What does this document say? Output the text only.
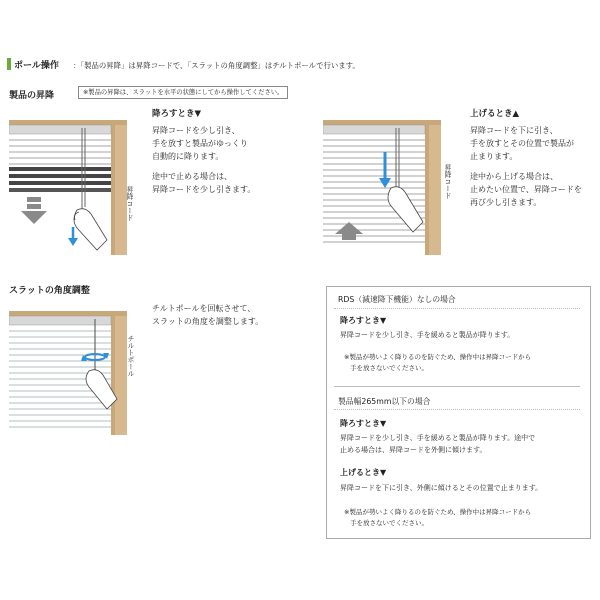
ポール操作 ：「製品の昇降」は昇降コードで、「スラットの角度調整」はチルトポールで行います。
製品の昇降	※製品の昇降は、スラットを水平の状態にしてから操作してください。
昇降コード
降ろすとき▼
昇降コードを少し引き、
手を放すと製品がゆっくり
自動的に降ります。
途中で止める場合は、
昇降コードを少し引きます。	昇降コード
上げるとき▲
昇降コードを下に引き、
手を放すとその位置で製品が
止まります。
途中から上げる場合は、
止めたい位置で、昇降コードを
再び少し引きます。
スラットの角度調整
チルトポール
チルトポールを回転させて、
スラットの角度を調整します。
RDS（減速降下機能）なしの場合
降ろすとき▼
昇降コードを少し引き、手を緩めると製品が降ります。
※製品が勢いよく降りるのを防ぐため、操作中は昇降コードから
手を放さないでください。
製品幅265mm以下の場合
降ろすとき▼
昇降コードを少し引き、手を緩めると製品が降ります。途中で
止める場合は、昇降コードを外側に傾けます。
上げるとき▼
昇降コードを下に引き、外側に傾けるとその位置で止まります。
※製品が勢いよく降りるのを防ぐため、操作中は昇降コードから
手を放さないでください。
